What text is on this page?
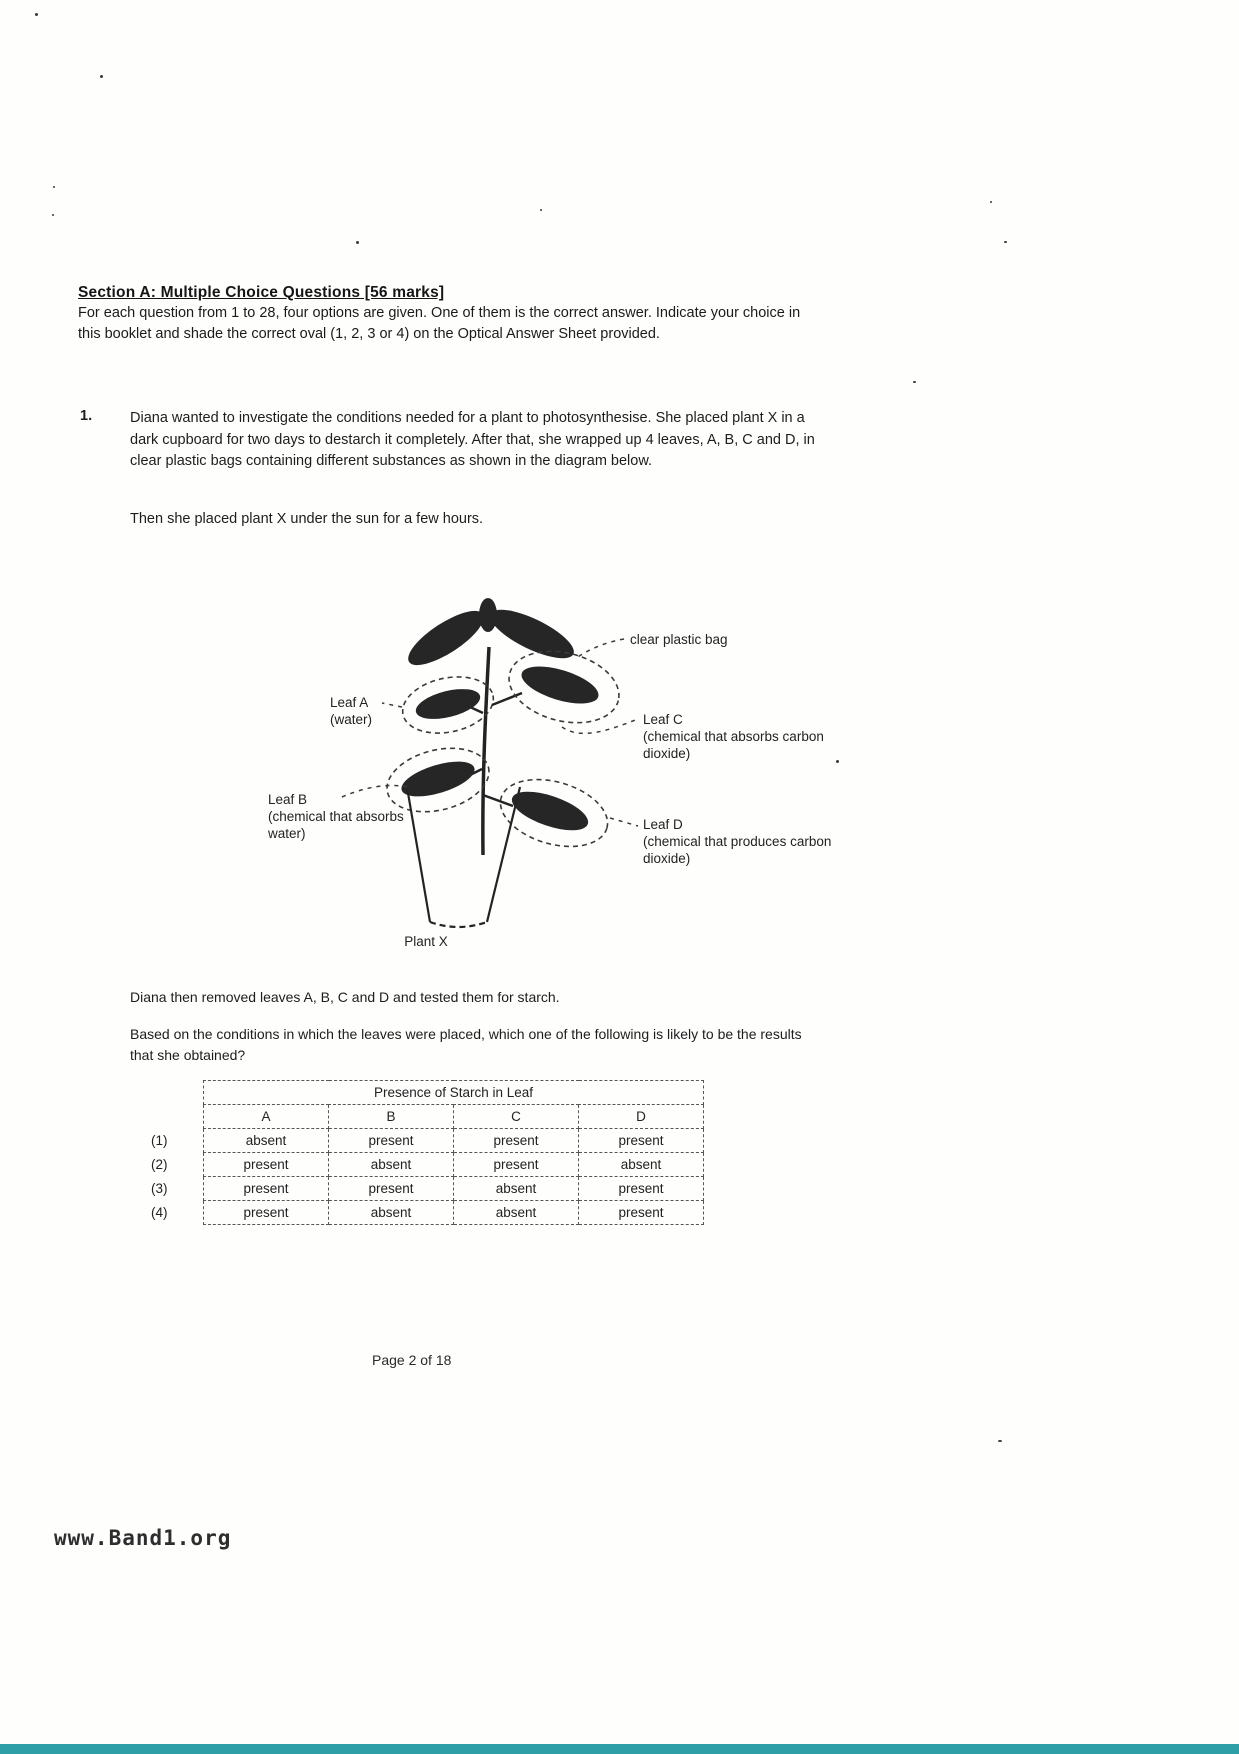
Section A: Multiple Choice Questions [56 marks]
For each question from 1 to 28, four options are given. One of them is the correct answer. Indicate your choice in this booklet and shade the correct oval (1, 2, 3 or 4) on the Optical Answer Sheet provided.
1.	Diana wanted to investigate the conditions needed for a plant to photosynthesise. She placed plant X in a dark cupboard for two days to destarch it completely. After that, she wrapped up 4 leaves, A, B, C and D, in clear plastic bags containing different substances as shown in the diagram below.
Then she placed plant X under the sun for a few hours.
clear plastic bag
Leaf A
(water)	Leaf C
(chemical that absorbs carbon dioxide)
Leaf B
(chemical that absorbs water)
Leaf D
(chemical that produces carbon dioxide)
Plant X
Diana then removed leaves A, B, C and D and tested them for starch.
Based on the conditions in which the leaves were placed, which one of the following is likely to be the results that she obtained?
	Presence of Starch in Leaf			
	A	B	C	D
(1)	absent	present	present	present
(2)	present	absent	present	absent
(3)	present	present	absent	present
(4)	present	absent	absent	present
Page 2 of 18
www.Band1.org
